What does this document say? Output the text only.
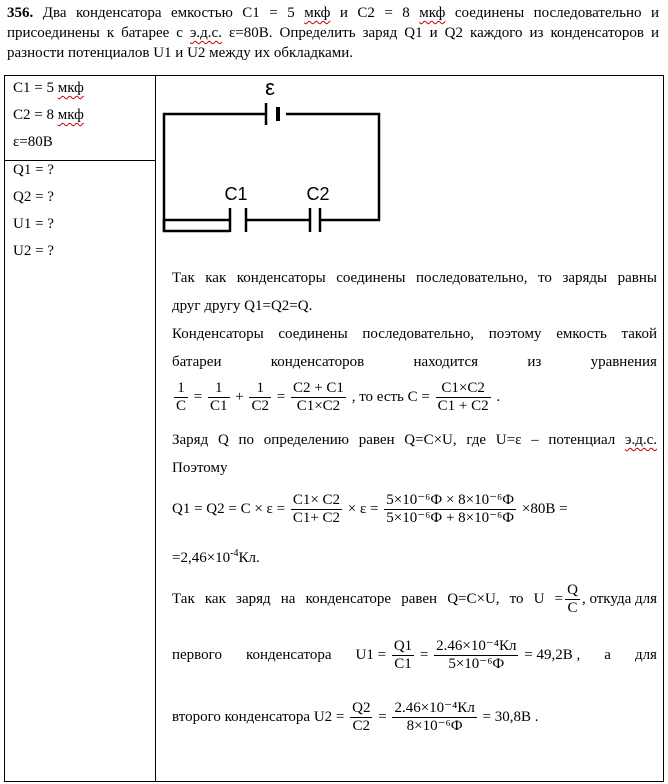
356. Два конденсатора емкостью С1 = 5 мкф и С2 = 8 мкф соединены последовательно и присоединены к батарее с э.д.с. ε=80В. Определить заряд Q1 и Q2 каждого из конденсаторов и разности потенциалов U1 и U2 между их обкладками.
С1 = 5 мкф
С2 = 8 мкф
ε=80В
Q1 = ?
Q2 = ?
U1 = ?
U2 = ?
ε
C1	C2
Так как конденсаторы соединены последовательно, то заряды равны
друг другу Q1=Q2=Q.
Конденсаторы соединены последовательно, поэтому емкость такой
батареи	конденсаторов	находится	из	уравнения
$\frac{1}{C} = \frac{1}{C1} + \frac{1}{C2} = \frac{C2 + C1}{C1\times C2}$ , то есть $C = \frac{C1\times C2}{C1 + C2}$ .
Заряд Q по определению равен Q=C×U, где U=ε – потенциал э.д.с.
Поэтому
$Q1 = Q2 = C \times \varepsilon = \frac{C1\times C2}{C1+ C2} \times \varepsilon = \frac{\text{5×10⁻⁶Ф × 8×10⁻⁶Ф}}{\text{5×10⁻⁶Ф + 8×10⁻⁶Ф}} \times 80В$ =
$=2,46\times 10^{-4}Кл$.
Так как заряд на конденсаторе равен Q=C×U, то $U = \frac{Q}{C}$ , откуда для
первого конденсатора $U1 = \frac{Q1}{C1} = \frac{\text{2.46×10⁻⁴Кл}}{\text{5×10⁻⁶Ф}} = 49,2В$ , а для
второго конденсатора $U2 = \frac{Q2}{C2} = \frac{\text{2.46×10⁻⁴Кл}}{\text{8×10⁻⁶Ф}} = 30,8В$ .
